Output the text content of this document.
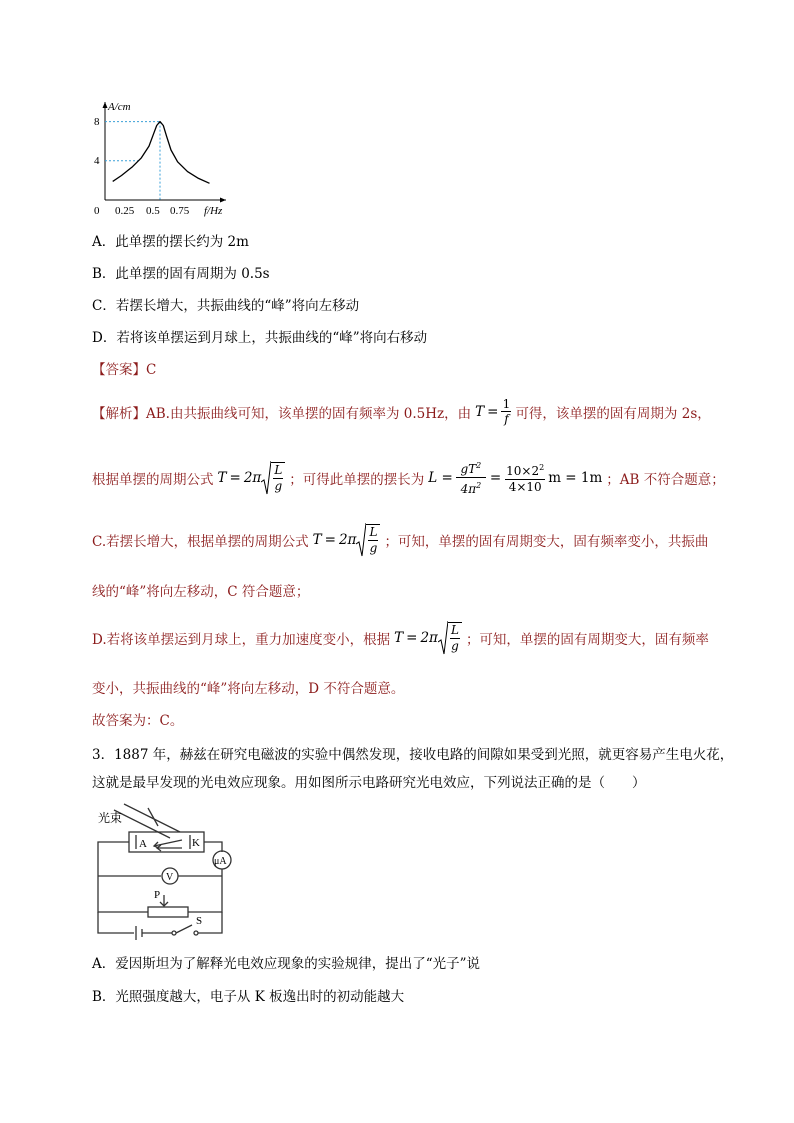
A/cm
f/Hz
0
4
8
0.25 0.5 0.75
A．此单摆的摆长约为 2m
B．此单摆的固有周期为 0.5s
C．若摆长增大，共振曲线的“峰”将向左移动
D．若将该单摆运到月球上，共振曲线的“峰”将向右移动
【答案】C
【解析】 AB.由共振曲线可知，该单摆的固有频率为 0.5Hz，由 T = 1
f 可得，该单摆的固有周期为 2s，
根据单摆的周期公式 T = 2π L
g ；可得此单摆的摆长为 L =
$gT^2$
$4\pi^2 = 10\times 2^2$
4×10
m = 1m ；AB 不符合题意；
C.若摆长增大，根据单摆的周期公式 T = 2π L
g ；可知，单摆的固有周期变大，固有频率变小，共振曲
线的“峰”将向左移动，C 符合题意；
D.若将该单摆运到月球上，重力加速度变小，根据 T = 2π L
g ；可知，单摆的固有周期变大，固有频率
变小，共振曲线的“峰”将向左移动，D 不符合题意。
故答案为：C。
3．1887 年，赫兹在研究电磁波的实验中偶然发现，接收电路的间隙如果受到光照，就更容易产生电火花，
这就是最早发现的光电效应现象。用如图所示电路研究光电效应，下列说法正确的是（　　）
光束
A	K
μA
V
P
S
A．爱因斯坦为了解释光电效应现象的实验规律，提出了“光子”说
B．光照强度越大，电子从 K 板逸出时的初动能越大
